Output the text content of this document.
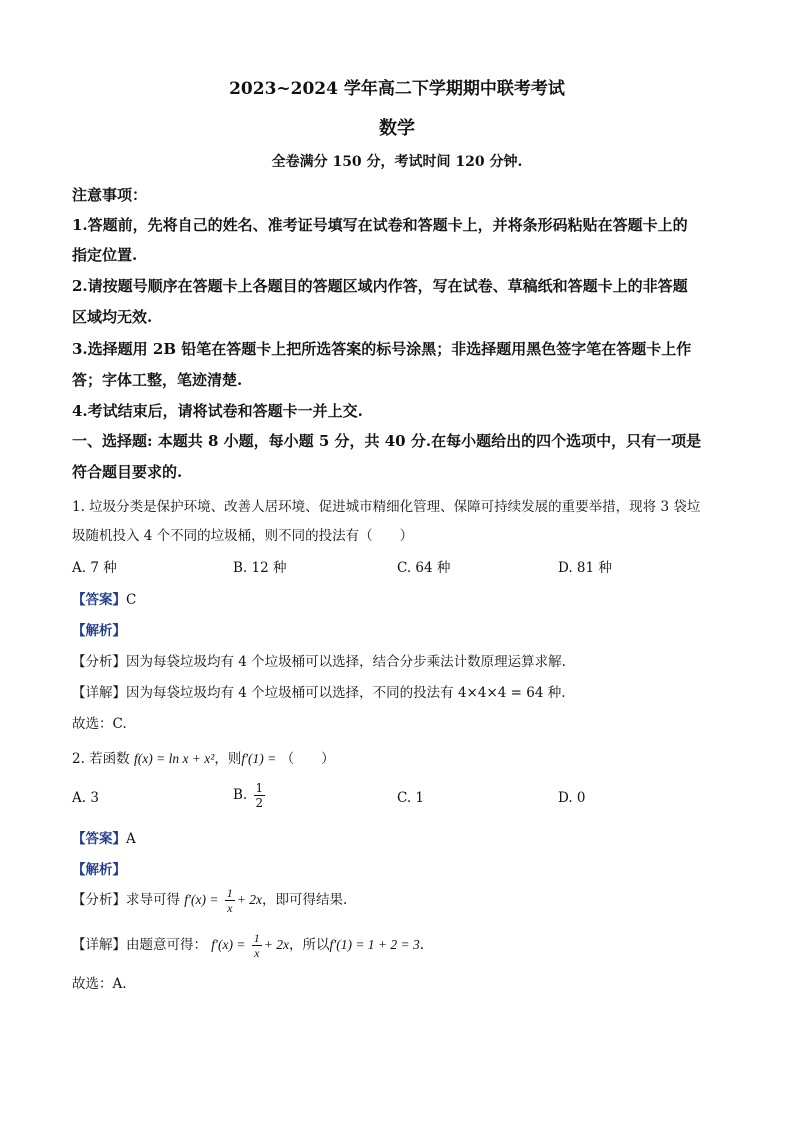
2023~2024 学年高二下学期期中联考考试
数学
全卷满分 150 分，考试时间 120 分钟.
注意事项：
1.答题前，先将自己的姓名、准考证号填写在试卷和答题卡上，并将条形码粘贴在答题卡上的
指定位置.
2.请按题号顺序在答题卡上各题目的答题区域内作答，写在试卷、草稿纸和答题卡上的非答题
区域均无效.
3.选择题用 2B 铅笔在答题卡上把所选答案的标号涂黑；非选择题用黑色签字笔在答题卡上作
答；字体工整，笔迹清楚.
4.考试结束后，请将试卷和答题卡一并上交.
一、选择题: 本题共 8 小题，每小题 5 分，共 40 分.在每小题给出的四个选项中，只有一项是
符合题目要求的.
1. 垃圾分类是保护环境、改善人居环境、促进城市精细化管理、保障可持续发展的重要举措，现将 3 袋垃
圾随机投入 4 个不同的垃圾桶，则不同的投法有（　　）
A. 7 种	B. 12 种	C. 64 种	D. 81 种
【答案】C
【解析】
【分析】因为每袋垃圾均有 4 个垃圾桶可以选择，结合分步乘法计数原理运算求解.
【详解】因为每袋垃圾均有 4 个垃圾桶可以选择，不同的投法有 4×4×4 = 64 种.
故选：C.
2. 若函数 f(x) = ln x + x²，则f′(1) = （　　）
A. 3	B. $\frac{1}{2}$	C. 1	D. 0
【答案】A
【解析】
【分析】求导可得 $f'(x) = \frac{1}{x} + 2x$，即可得结果.
【详解】由题意可得： $f'(x) = \frac{1}{x} + 2x$，所以f′(1) = 1 + 2 = 3.
故选：A.
